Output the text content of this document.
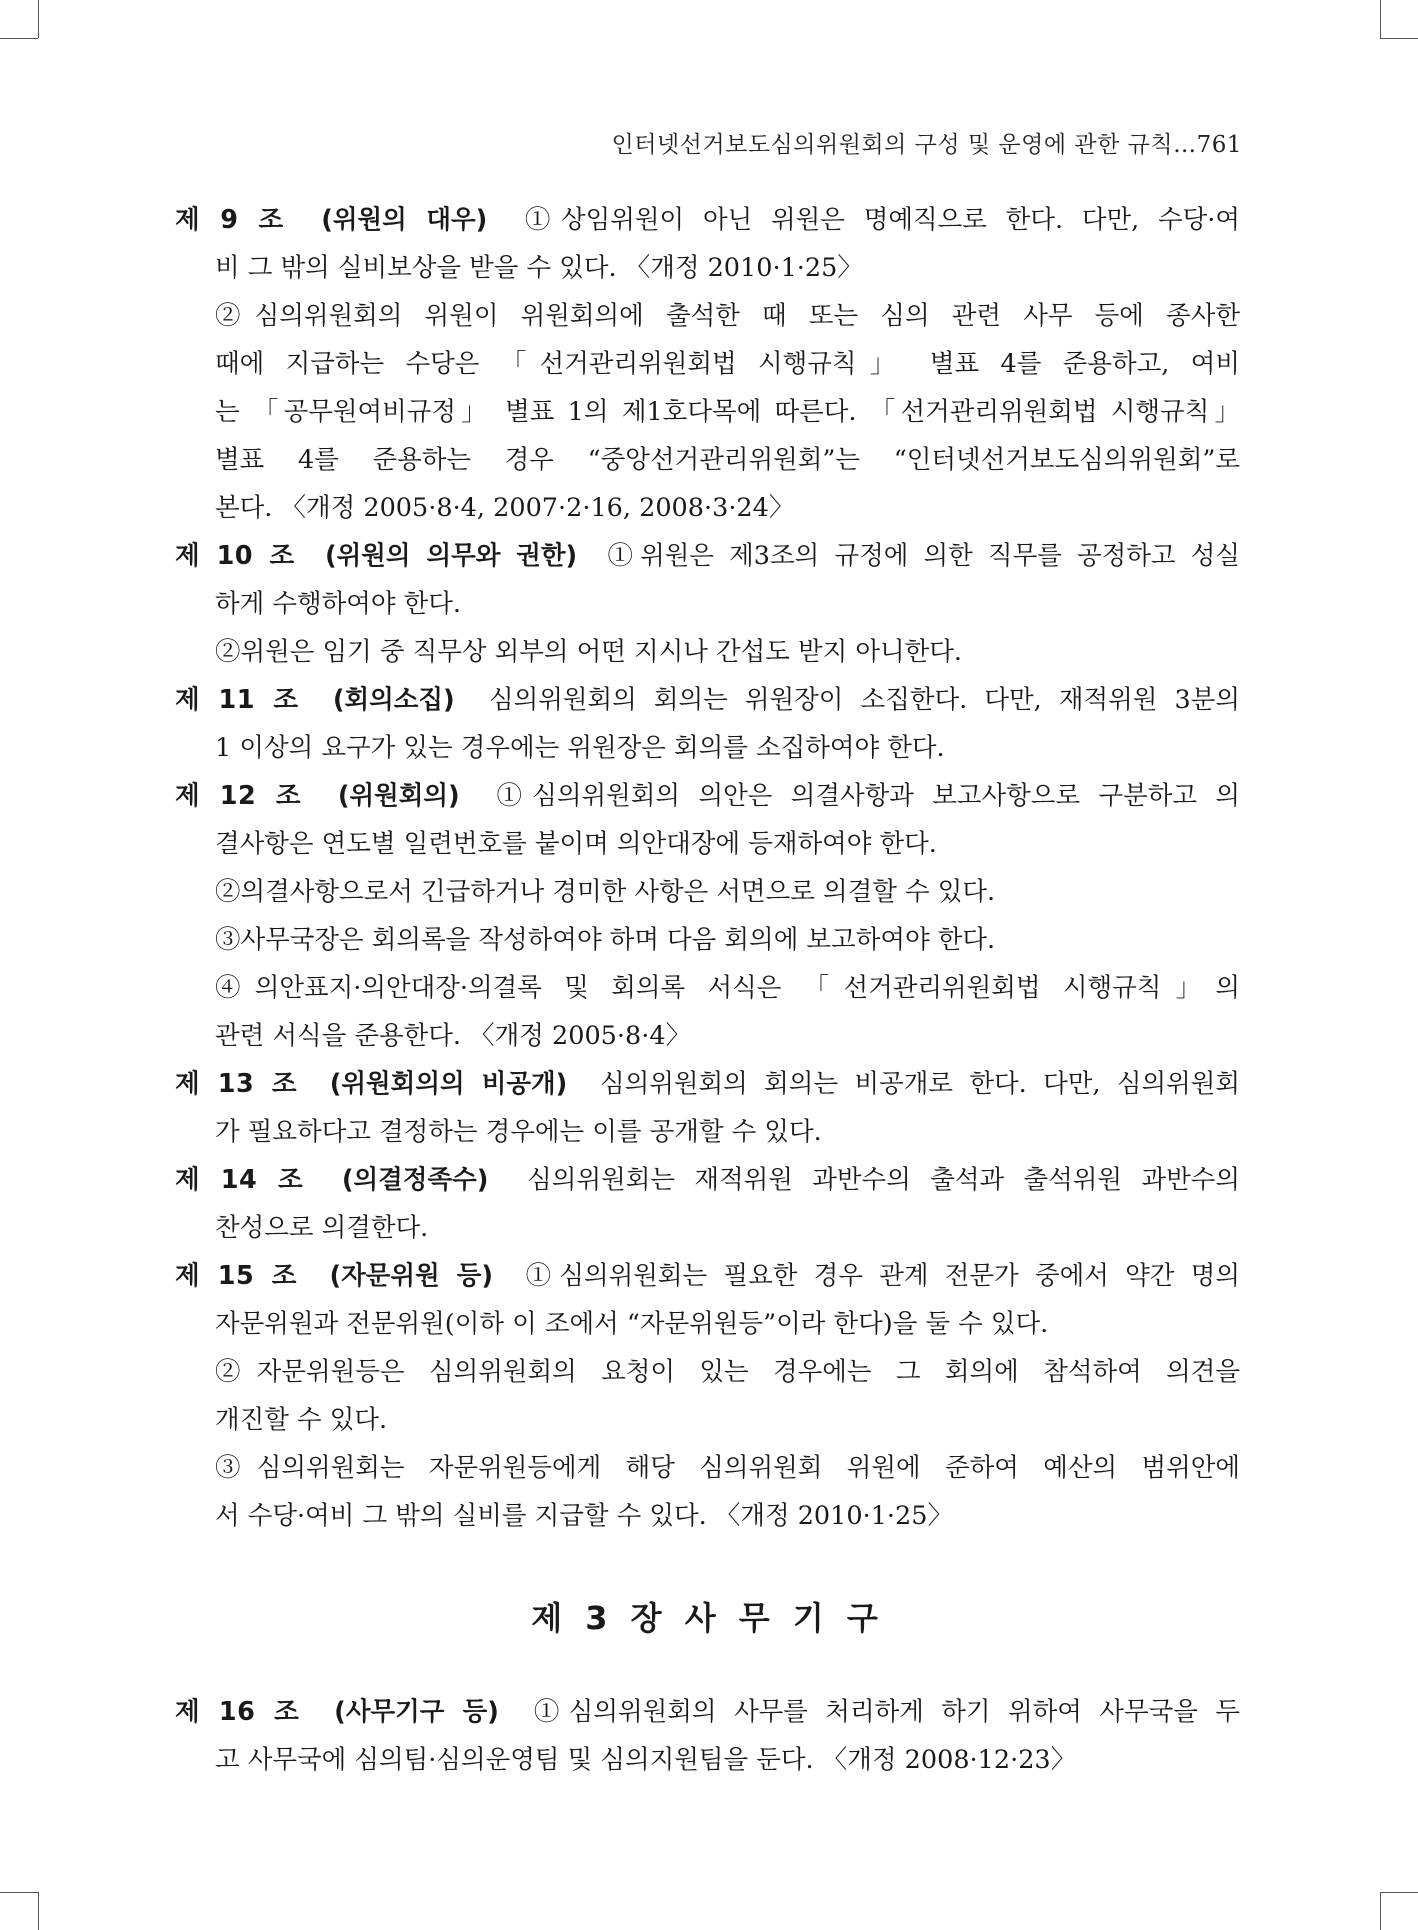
인터넷선거보도심의위원회의 구성 및 운영에 관한 규칙…761
제 9 조 (위원의 대우) ①상임위원이 아닌 위원은 명예직으로 한다. 다만, 수당·여
비 그 밖의 실비보상을 받을 수 있다. 〈개정 2010·1·25〉
②심의위원회의 위원이 위원회의에 출석한 때 또는 심의 관련 사무 등에 종사한
때에 지급하는 수당은 「선거관리위원회법 시행규칙」 별표 4를 준용하고, 여비
는 「공무원여비규정」 별표 1의 제1호다목에 따른다. 「선거관리위원회법 시행규칙」
별표 4를 준용하는 경우 “중앙선거관리위원회”는 “인터넷선거보도심의위원회”로
본다. 〈개정 2005·8·4, 2007·2·16, 2008·3·24〉
제 10 조 (위원의 의무와 권한) ①위원은 제3조의 규정에 의한 직무를 공정하고 성실
하게 수행하여야 한다.
②위원은 임기 중 직무상 외부의 어떤 지시나 간섭도 받지 아니한다.
제 11 조 (회의소집) 심의위원회의 회의는 위원장이 소집한다. 다만, 재적위원 3분의
1 이상의 요구가 있는 경우에는 위원장은 회의를 소집하여야 한다.
제 12 조 (위원회의) ①심의위원회의 의안은 의결사항과 보고사항으로 구분하고 의
결사항은 연도별 일련번호를 붙이며 의안대장에 등재하여야 한다.
②의결사항으로서 긴급하거나 경미한 사항은 서면으로 의결할 수 있다.
③사무국장은 회의록을 작성하여야 하며 다음 회의에 보고하여야 한다.
④의안표지·의안대장·의결록 및 회의록 서식은 「선거관리위원회법 시행규칙」의
관련 서식을 준용한다. 〈개정 2005·8·4〉
제 13 조 (위원회의의 비공개) 심의위원회의 회의는 비공개로 한다. 다만, 심의위원회
가 필요하다고 결정하는 경우에는 이를 공개할 수 있다.
제 14 조 (의결정족수) 심의위원회는 재적위원 과반수의 출석과 출석위원 과반수의
찬성으로 의결한다.
제 15 조 (자문위원 등) ①심의위원회는 필요한 경우 관계 전문가 중에서 약간 명의
자문위원과 전문위원(이하 이 조에서 “자문위원등”이라 한다)을 둘 수 있다.
②자문위원등은 심의위원회의 요청이 있는 경우에는 그 회의에 참석하여 의견을
개진할 수 있다.
③심의위원회는 자문위원등에게 해당 심의위원회 위원에 준하여 예산의 범위안에
서 수당·여비 그 밖의 실비를 지급할 수 있다. 〈개정 2010·1·25〉
제 3 장 사 무 기 구
제 16 조 (사무기구 등) ①심의위원회의 사무를 처리하게 하기 위하여 사무국을 두
고 사무국에 심의팀·심의운영팀 및 심의지원팀을 둔다. 〈개정 2008·12·23〉
